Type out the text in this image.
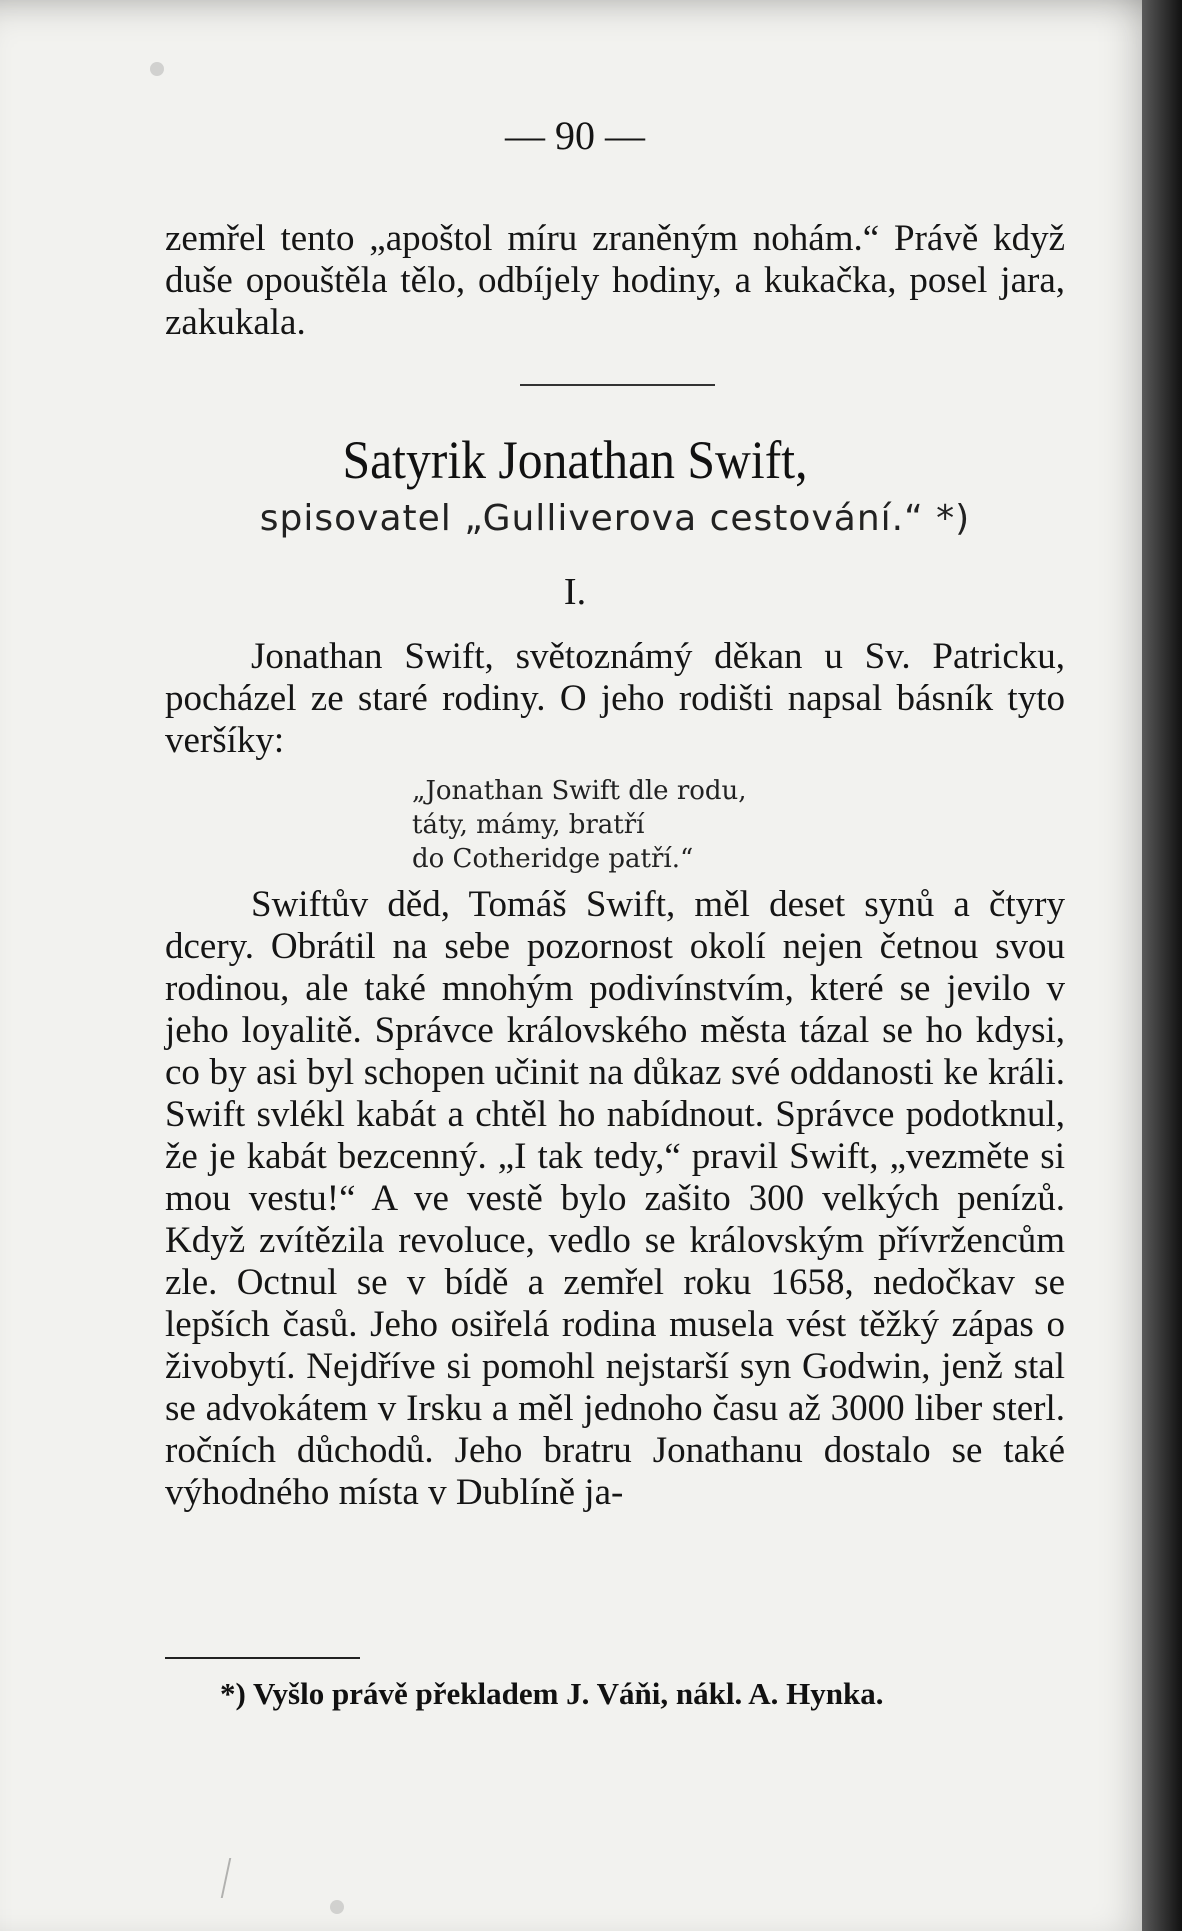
— 90 —
zemřel tento „apoštol míru zraněným nohám.“ Právě když duše opouštěla tělo, odbíjely hodiny, a kukačka, posel jara, zakukala.
Satyrik Jonathan Swift,
spisovatel „Gulliverova cestování.“ *)
I.
Jonathan Swift, světoznámý děkan u Sv. Patricku, pocházel ze staré rodiny. O jeho rodišti napsal básník tyto veršíky:
„Jonathan Swift dle rodu,
táty, mámy, bratří
do Cotheridge patří.“
Swiftův děd, Tomáš Swift, měl deset synů a čtyry dcery. Obrátil na sebe pozornost okolí nejen četnou svou rodinou, ale také mnohým podivínstvím, které se jevilo v jeho loyalitě. Správce královského města tázal se ho kdysi, co by asi byl schopen učinit na důkaz své oddanosti ke králi. Swift svlékl kabát a chtěl ho nabídnout. Správce podotknul, že je kabát bezcenný. „I tak tedy,“ pravil Swift, „vezměte si mou vestu!“ A ve vestě bylo zašito 300 velkých penízů. Když zvítězila revoluce, vedlo se královským přívržencům zle. Octnul se v bídě a zemřel roku 1658, nedočkav se lepších časů. Jeho osiřelá rodina musela vést těžký zápas o živobytí. Nejdříve si pomohl nejstarší syn Godwin, jenž stal se advokátem v Irsku a měl jednoho času až 3000 liber sterl. ročních důchodů. Jeho bratru Jonathanu dostalo se také výhodného místa v Dublíně ja-
*) Vyšlo právě překladem J. Váňi, nákl. A. Hynka.
